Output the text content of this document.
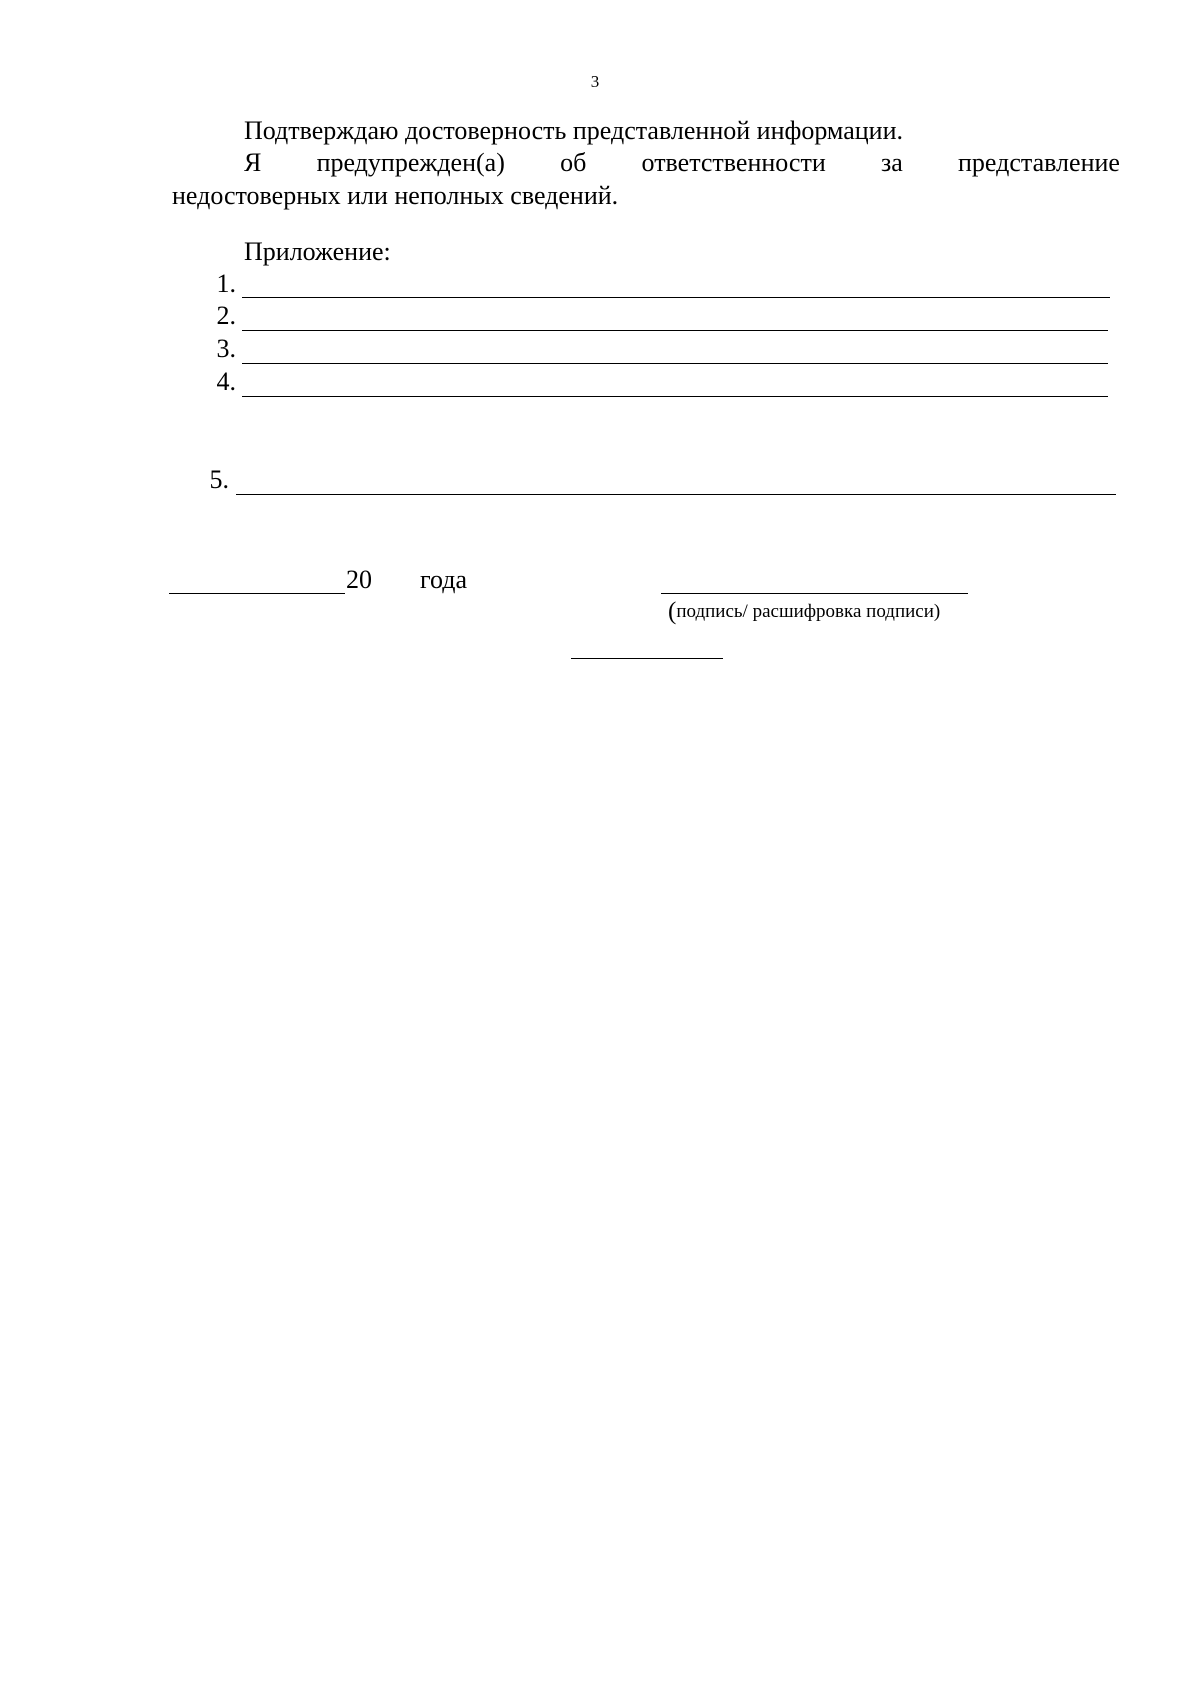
3
Подтверждаю достоверность представленной информации.
Я предупрежден(а) об ответственности за представление
недостоверных или неполных сведений.
Приложение:
1.
2.
3.
4.
5.
20 года
(подпись/ расшифровка подписи)
